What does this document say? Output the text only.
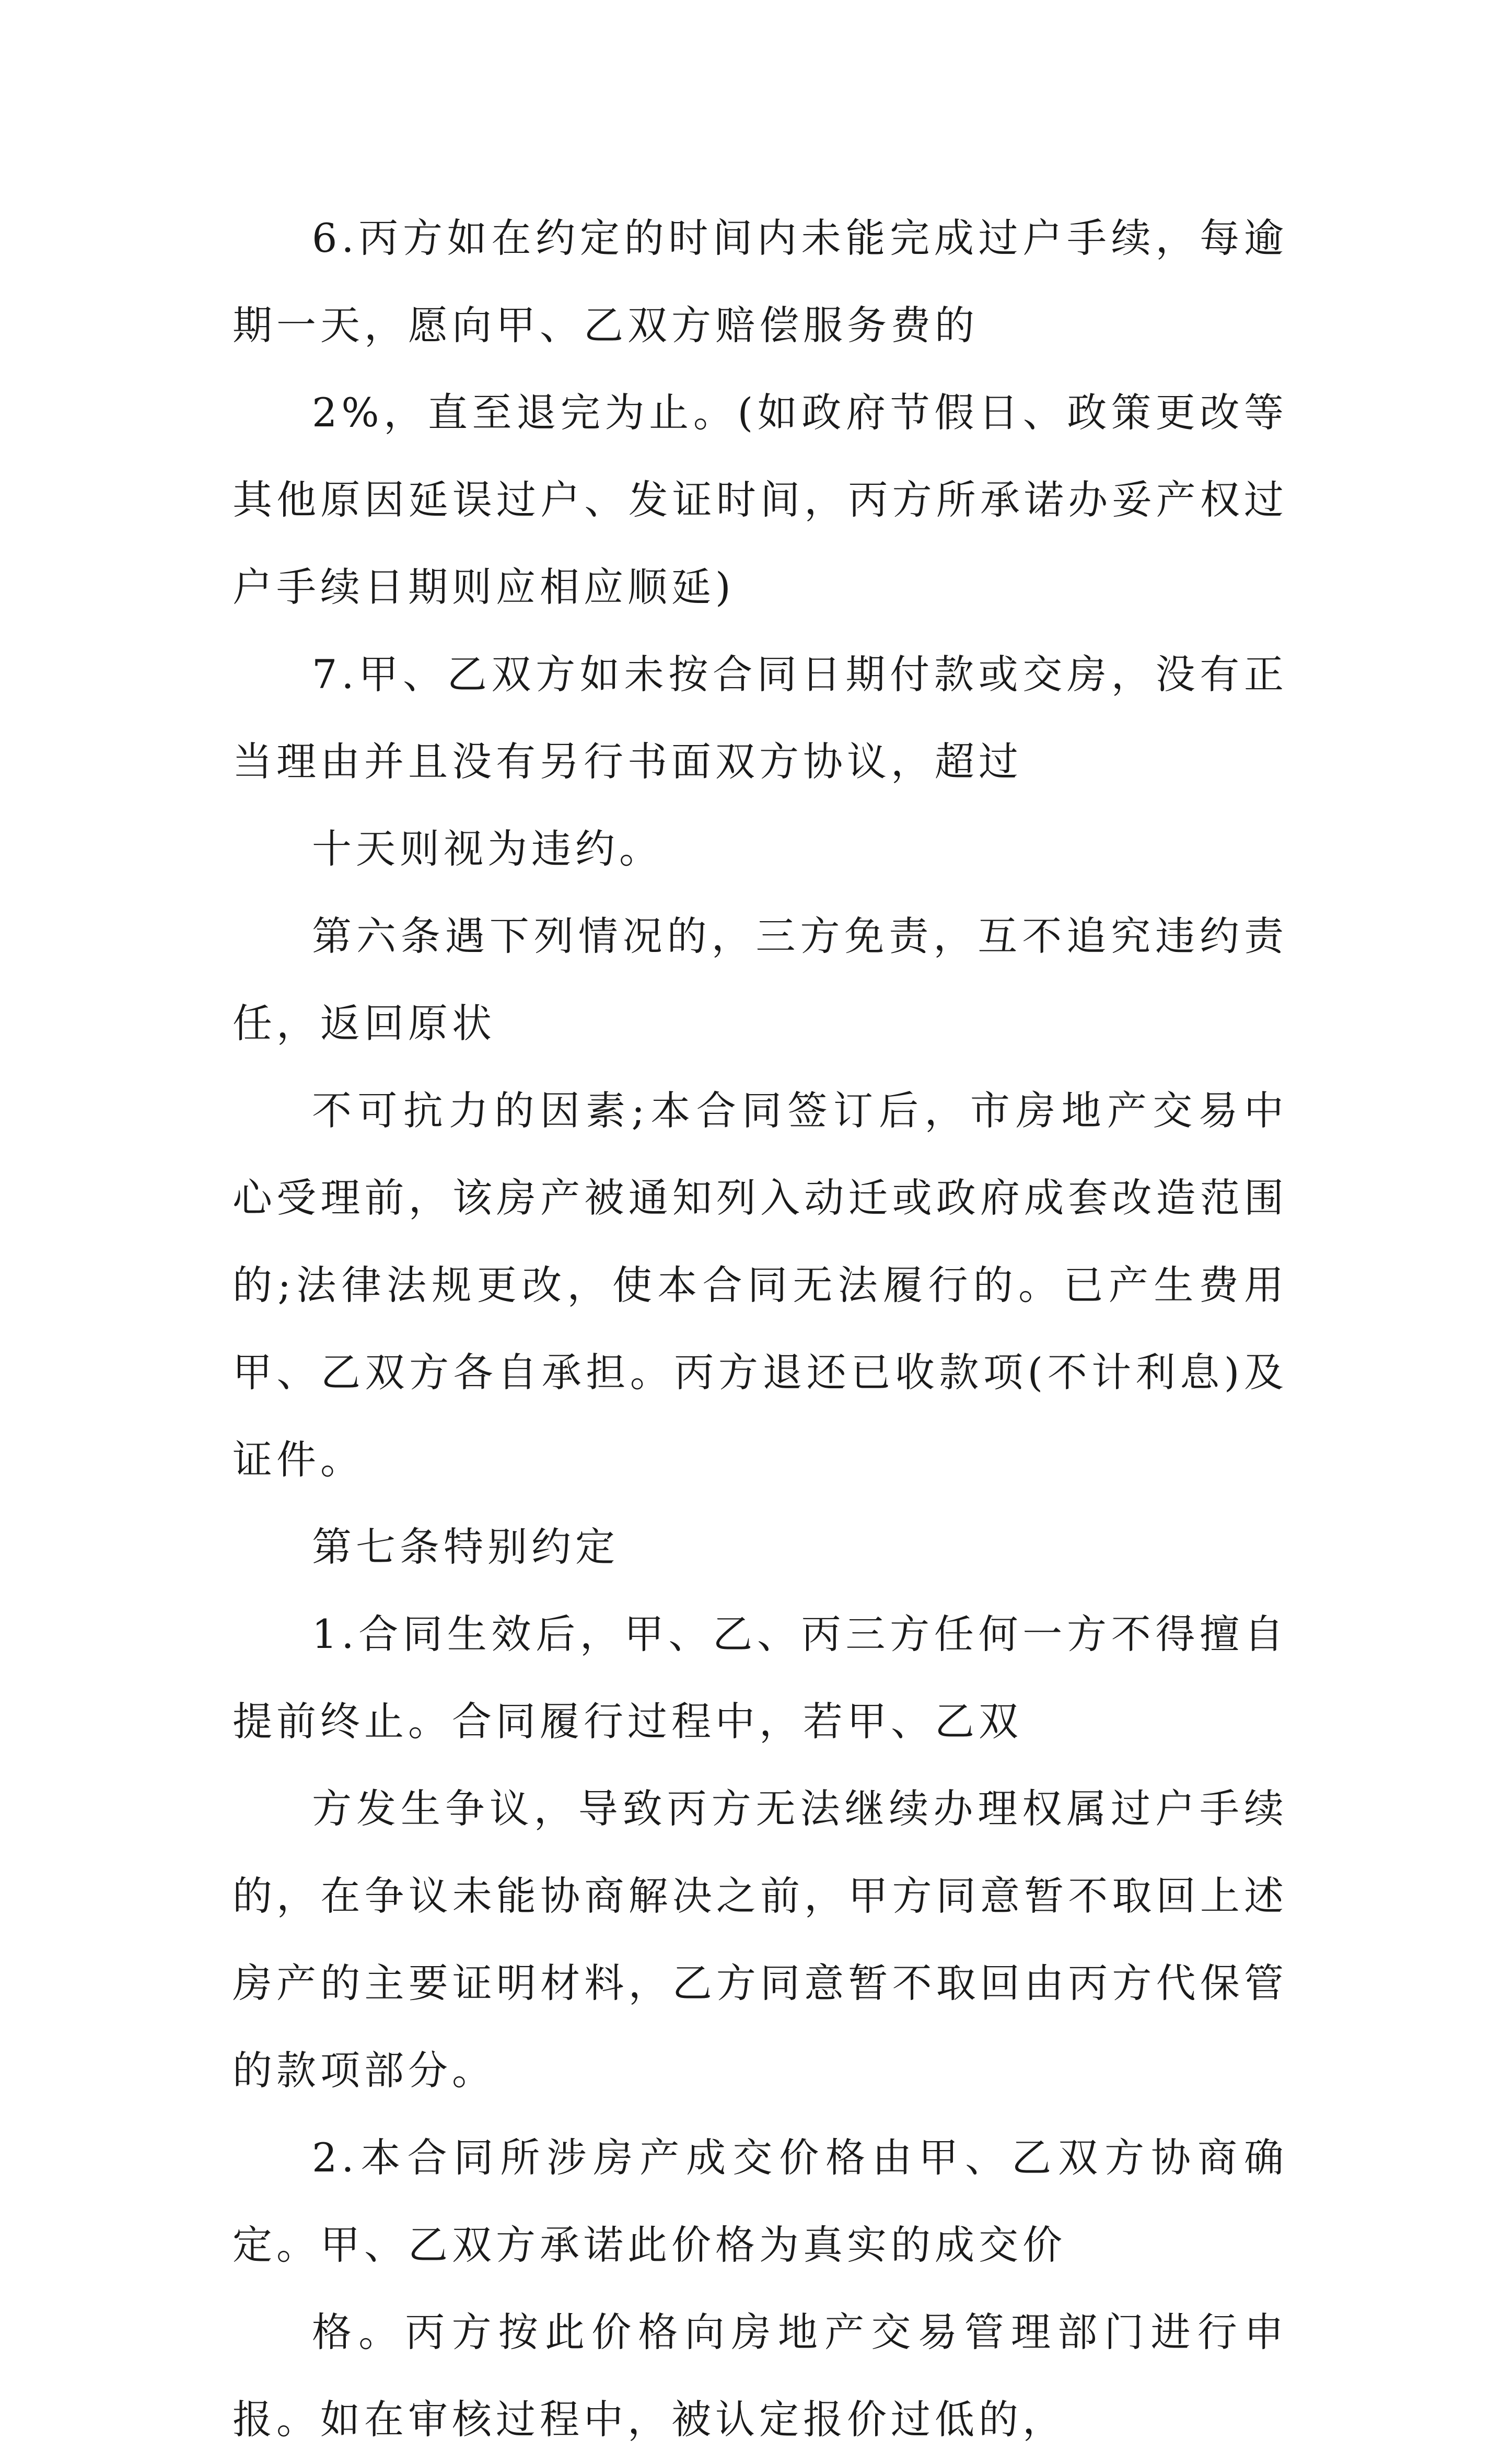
6.丙方如在约定的时间内未能完成过户手续，每逾期一天，愿向甲、乙双方赔偿服务费的

2%，直至退完为止。(如政府节假日、政策更改等其他原因延误过户、发证时间，丙方所承诺办妥产权过户手续日期则应相应顺延)

7.甲、乙双方如未按合同日期付款或交房，没有正当理由并且没有另行书面双方协议，超过

十天则视为违约。

第六条遇下列情况的，三方免责，互不追究违约责任，返回原状

不可抗力的因素;本合同签订后，市房地产交易中心受理前，该房产被通知列入动迁或政府成套改造范围的;法律法规更改，使本合同无法履行的。已产生费用甲、乙双方各自承担。丙方退还已收款项(不计利息)及证件。

第七条特别约定

1.合同生效后，甲、乙、丙三方任何一方不得擅自提前终止。合同履行过程中，若甲、乙双

方发生争议，导致丙方无法继续办理权属过户手续的，在争议未能协商解决之前，甲方同意暂不取回上述房产的主要证明材料，乙方同意暂不取回由丙方代保管的款项部分。

2.本合同所涉房产成交价格由甲、乙双方协商确定。甲、乙双方承诺此价格为真实的成交价

格。丙方按此价格向房地产交易管理部门进行申报。如在审核过程中，被认定报价过低的，
